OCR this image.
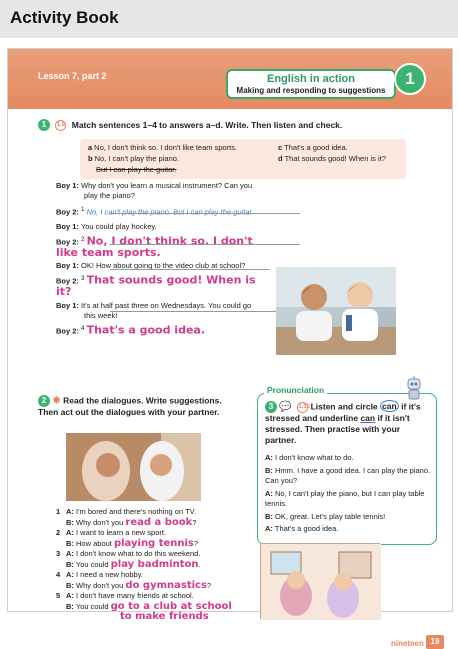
Activity Book
Lesson 7, part 2	English in action
Making and responding to suggestions
1
1 1.9 Match sentences 1–4 to answers a–d. Write. Then listen and check.
a No, I don't think so. I don't like team sports.	c That's a good idea.
b No, I can't play the piano.	d That sounds good! When is it?
But I can play the guitar.
Boy 1: Why don't you learn a musical instrument? Can you
play the piano?
Boy 2: $^1$ No, I can't play the piano. But I can play the guitar.
Boy 1: You could play hockey.
Boy 2: $^2$ No, I don't think so. I don't like team sports.
Boy 1: OK! How about going to the video club at school?
Boy 2: $^3$ That sounds good! When is it?
Boy 1: It's at half past three on Wednesdays. You could go
this week!
Boy 2: $^4$ That's a good idea.
2 ✸ Read the dialogues. Write suggestions. Then act out the dialogues with your partner.
Pronunciation
3 💬 1.10 Listen and circle can if it's stressed and underline can if it isn't stressed. Then practise with your partner.
A: I don't know what to do.
B: Hmm. I have a good idea. I can play the piano. Can you?
A: No, I can't play the piano, but I can play table tennis.
B: OK, great. Let's play table tennis!
A: That's a good idea.
1 A: I'm bored and there's nothing on TV.
B: Why don't you read a book?
2 A: I want to learn a new sport.
B: How about playing tennis?
3 A: I don't know what to do this weekend.
B: You could play badminton.
4 A: I need a new hobby.
B: Why don't you do gymnastics?
5 A: I don't have many friends at school.
B: You could go to a club at school
to make friends
nineteen 19
